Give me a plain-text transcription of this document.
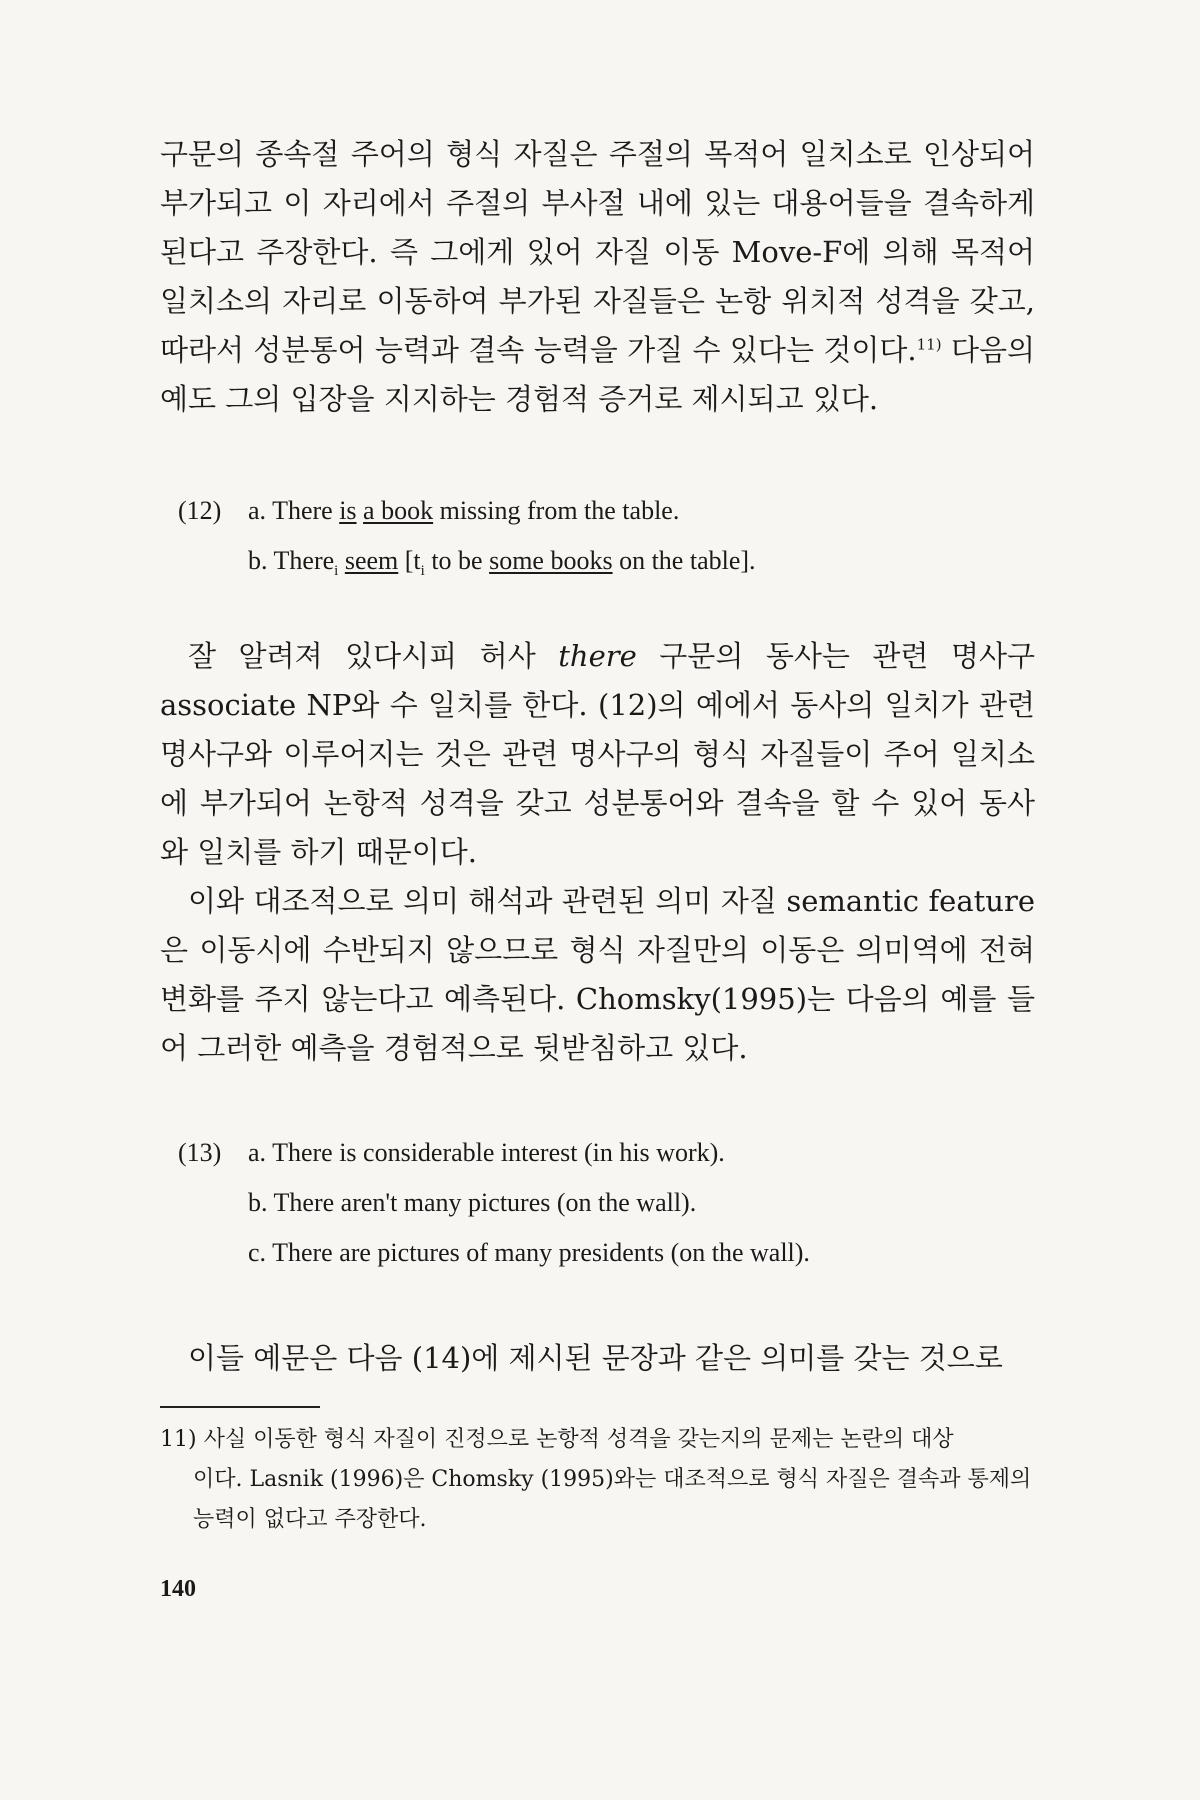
구문의 종속절 주어의 형식 자질은 주절의 목적어 일치소로 인상되어 부가되고 이 자리에서 주절의 부사절 내에 있는 대용어들을 결속하게 된다고 주장한다. 즉 그에게 있어 자질 이동 Move-F에 의해 목적어 일치소의 자리로 이동하여 부가된 자질들은 논항 위치적 성격을 갖고, 따라서 성분통어 능력과 결속 능력을 가질 수 있다는 것이다.$^{11)}$ 다음의 예도 그의 입장을 지지하는 경험적 증거로 제시되고 있다.

(12) a. There is a book missing from the table.
b. There$_i$ seem [$t_i$ to be some books on the table].

잘 알려져 있다시피 허사 there 구문의 동사는 관련 명사구 associate NP와 수 일치를 한다. (12)의 예에서 동사의 일치가 관련 명사구와 이루어지는 것은 관련 명사구의 형식 자질들이 주어 일치소에 부가되어 논항적 성격을 갖고 성분통어와 결속을 할 수 있어 동사와 일치를 하기 때문이다.

이와 대조적으로 의미 해석과 관련된 의미 자질 semantic feature은 이동시에 수반되지 않으므로 형식 자질만의 이동은 의미역에 전혀 변화를 주지 않는다고 예측된다. Chomsky(1995)는 다음의 예를 들어 그러한 예측을 경험적으로 뒷받침하고 있다.

(13) a. There is considerable interest (in his work).
b. There aren't many pictures (on the wall).
c. There are pictures of many presidents (on the wall).

이들 예문은 다음 (14)에 제시된 문장과 같은 의미를 갖는 것으로

11) 사실 이동한 형식 자질이 진정으로 논항적 성격을 갖는지의 문제는 논란의 대상
이다. Lasnik (1996)은 Chomsky (1995)와는 대조적으로 형식 자질은 결속과 통제의 능력이 없다고 주장한다.

140
